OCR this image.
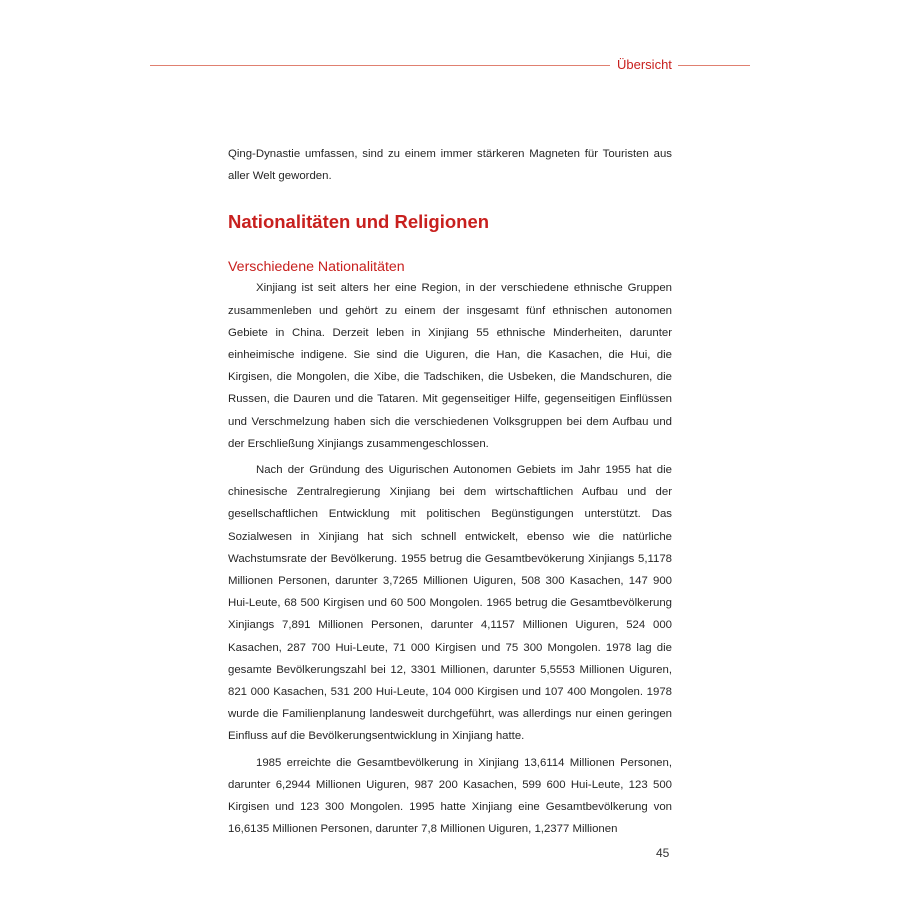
Übersicht

Qing-Dynastie umfassen, sind zu einem immer stärkeren Magneten für Touristen aus aller Welt geworden.

Nationalitäten und Religionen
Verschiedene Nationalitäten

Xinjiang ist seit alters her eine Region, in der verschiedene ethnische Gruppen zusammenleben und gehört zu einem der insgesamt fünf ethnischen autonomen Gebiete in China. Derzeit leben in Xinjiang 55 ethnische Minderheiten, darunter einheimische indigene. Sie sind die Uiguren, die Han, die Kasachen, die Hui, die Kirgisen, die Mongolen, die Xibe, die Tadschiken, die Usbeken, die Mandschuren, die Russen, die Dauren und die Tataren. Mit gegenseitiger Hilfe, gegenseitigen Einflüssen und Verschmelzung haben sich die verschiedenen Volksgruppen bei dem Aufbau und der Erschließung Xinjiangs zusammengeschlossen.

Nach der Gründung des Uigurischen Autonomen Gebiets im Jahr 1955 hat die chinesische Zentralregierung Xinjiang bei dem wirtschaftlichen Aufbau und der gesellschaftlichen Entwicklung mit politischen Begünstigungen unterstützt. Das Sozialwesen in Xinjiang hat sich schnell entwickelt, ebenso wie die natürliche Wachstumsrate der Bevölkerung. 1955 betrug die Gesamtbevökerung Xinjiangs 5,1178 Millionen Personen, darunter 3,7265 Millionen Uiguren, 508 300 Kasachen, 147 900 Hui-Leute, 68 500 Kirgisen und 60 500 Mongolen. 1965 betrug die Gesamtbevölkerung Xinjiangs 7,891 Millionen Personen, darunter 4,1157 Millionen Uiguren, 524 000 Kasachen, 287 700 Hui-Leute, 71 000 Kirgisen und 75 300 Mongolen. 1978 lag die gesamte Bevölkerungszahl bei 12, 3301 Millionen, darunter 5,5553 Millionen Uiguren, 821 000 Kasachen, 531 200 Hui-Leute, 104 000 Kirgisen und 107 400 Mongolen. 1978 wurde die Familienplanung landesweit durchgeführt, was allerdings nur einen geringen Einfluss auf die Bevölkerungsentwicklung in Xinjiang hatte.

1985 erreichte die Gesamtbevölkerung in Xinjiang 13,6114 Millionen Personen, darunter 6,2944 Millionen Uiguren, 987 200 Kasachen, 599 600 Hui-Leute, 123 500 Kirgisen und 123 300 Mongolen. 1995 hatte Xinjiang eine Gesamtbevölkerung von 16,6135 Millionen Personen, darunter 7,8 Millionen Uiguren, 1,2377 Millionen

45
